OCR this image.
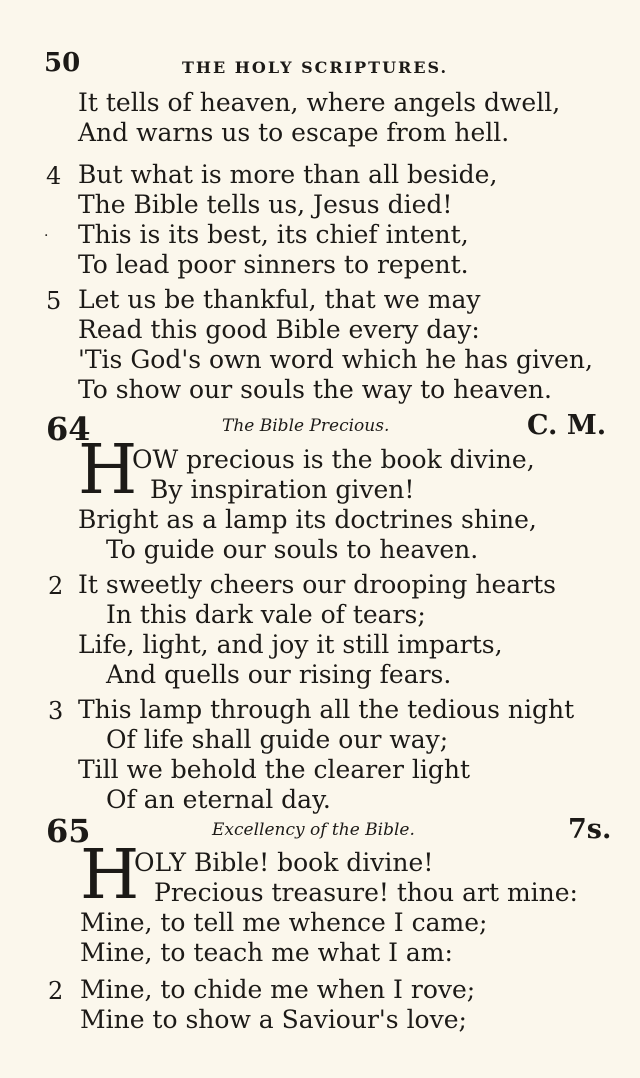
50	THE HOLY SCRIPTURES.
It tells of heaven, where angels dwell,
And warns us to escape from hell.
4
·
But what is more than all beside,
The Bible tells us, Jesus died!
This is its best, its chief intent,
To lead poor sinners to repent.
5 Let us be thankful, that we may
Read this good Bible every day:
'Tis God's own word which he has given,
To show our souls the way to heaven.
64	The Bible Precious.	C. M.
H
OW precious is the book divine,
By inspiration given!
Bright as a lamp its doctrines shine,
To guide our souls to heaven.
2 It sweetly cheers our drooping hearts
In this dark vale of tears;
Life, light, and joy it still imparts,
And quells our rising fears.
3 This lamp through all the tedious night
Of life shall guide our way;
Till we behold the clearer light
Of an eternal day.
65	Excellency of the Bible.	7s.
H
OLY Bible! book divine!
Precious treasure! thou art mine:
Mine, to tell me whence I came;
Mine, to teach me what I am:
2 Mine, to chide me when I rove;
Mine to show a Saviour's love;
